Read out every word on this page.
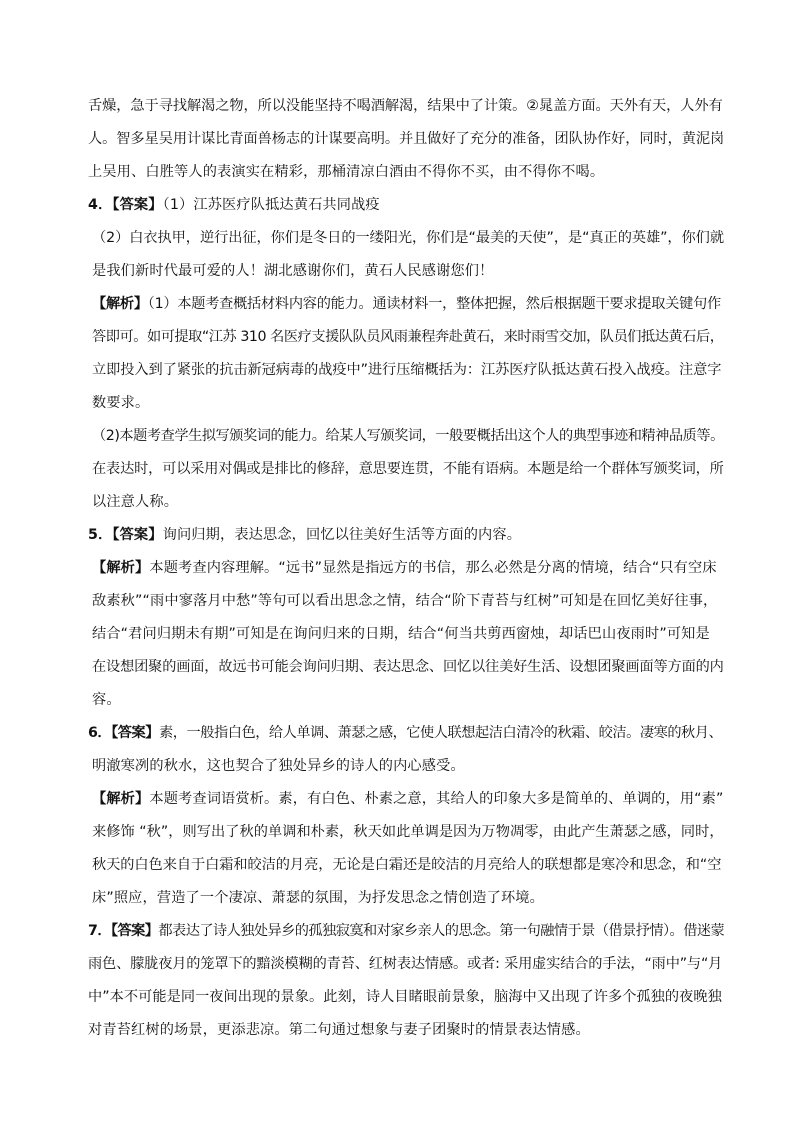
舌燥，急于寻找解渴之物，所以没能坚持不喝酒解渴，结果中了计策。②晁盖方面。天外有天，人外有
人。智多星吴用计谋比青面兽杨志的计谋要高明。并且做好了充分的准备，团队协作好，同时，黄泥岗
上吴用、白胜等人的表演实在精彩，那桶清凉白酒由不得你不买，由不得你不喝。
4．【答案】（1）江苏医疗队抵达黄石共同战疫
（2）白衣执甲，逆行出征，你们是冬日的一缕阳光，你们是“最美的天使”，是“真正的英雄”，你们就
是我们新时代最可爱的人！湖北感谢你们，黄石人民感谢您们！
【解析】（1）本题考查概括材料内容的能力。通读材料一，整体把握，然后根据题干要求提取关键句作
答即可。如可提取“江苏 310 名医疗支援队队员风雨兼程奔赴黄石，来时雨雪交加，队员们抵达黄石后，
立即投入到了紧张的抗击新冠病毒的战疫中”进行压缩概括为：江苏医疗队抵达黄石投入战疫。注意字
数要求。
（2)本题考查学生拟写颁奖词的能力。给某人写颁奖词，一般要概括出这个人的典型事迹和精神品质等。
在表达时，可以采用对偶或是排比的修辞，意思要连贯，不能有语病。本题是给一个群体写颁奖词，所
以注意人称。
5．【答案】询问归期，表达思念，回忆以往美好生活等方面的内容。
【解析】本题考查内容理解。“远书”显然是指远方的书信，那么必然是分离的情境，结合“只有空床
敌素秋”“雨中寥落月中愁”等句可以看出思念之情，结合“阶下青苔与红树”可知是在回忆美好往事，
结合“君问归期未有期”可知是在询问归来的日期，结合“何当共剪西窗烛，却话巴山夜雨时”可知是
在设想团聚的画面，故远书可能会询问归期、表达思念、回忆以往美好生活、设想团聚画面等方面的内
容。
6．【答案】素，一般指白色，给人单调、萧瑟之感，它使人联想起洁白清冷的秋霜、皎洁。凄寒的秋月、
明澈寒冽的秋水，这也契合了独处异乡的诗人的内心感受。
【解析】本题考查词语赏析。素，有白色、朴素之意，其给人的印象大多是简单的、单调的，用“素”
来修饰 “秋”，则写出了秋的单调和朴素，秋天如此单调是因为万物凋零，由此产生萧瑟之感，同时，
秋天的白色来自于白霜和皎洁的月亮，无论是白霜还是皎洁的月亮给人的联想都是寒冷和思念，和“空
床”照应，营造了一个凄凉、萧瑟的氛围，为抒发思念之情创造了环境。
7．【答案】都表达了诗人独处异乡的孤独寂寞和对家乡亲人的思念。第一句融情于景（借景抒情）。借迷蒙
雨色、朦胧夜月的笼罩下的黯淡模糊的青苔、红树表达情感。或者: 采用虚实结合的手法，“雨中”与“月
中”本不可能是同一夜间出现的景象。此刻，诗人目睹眼前景象，脑海中又出现了许多个孤独的夜晚独
对青苔红树的场景，更添悲凉。第二句通过想象与妻子团聚时的情景表达情感。
